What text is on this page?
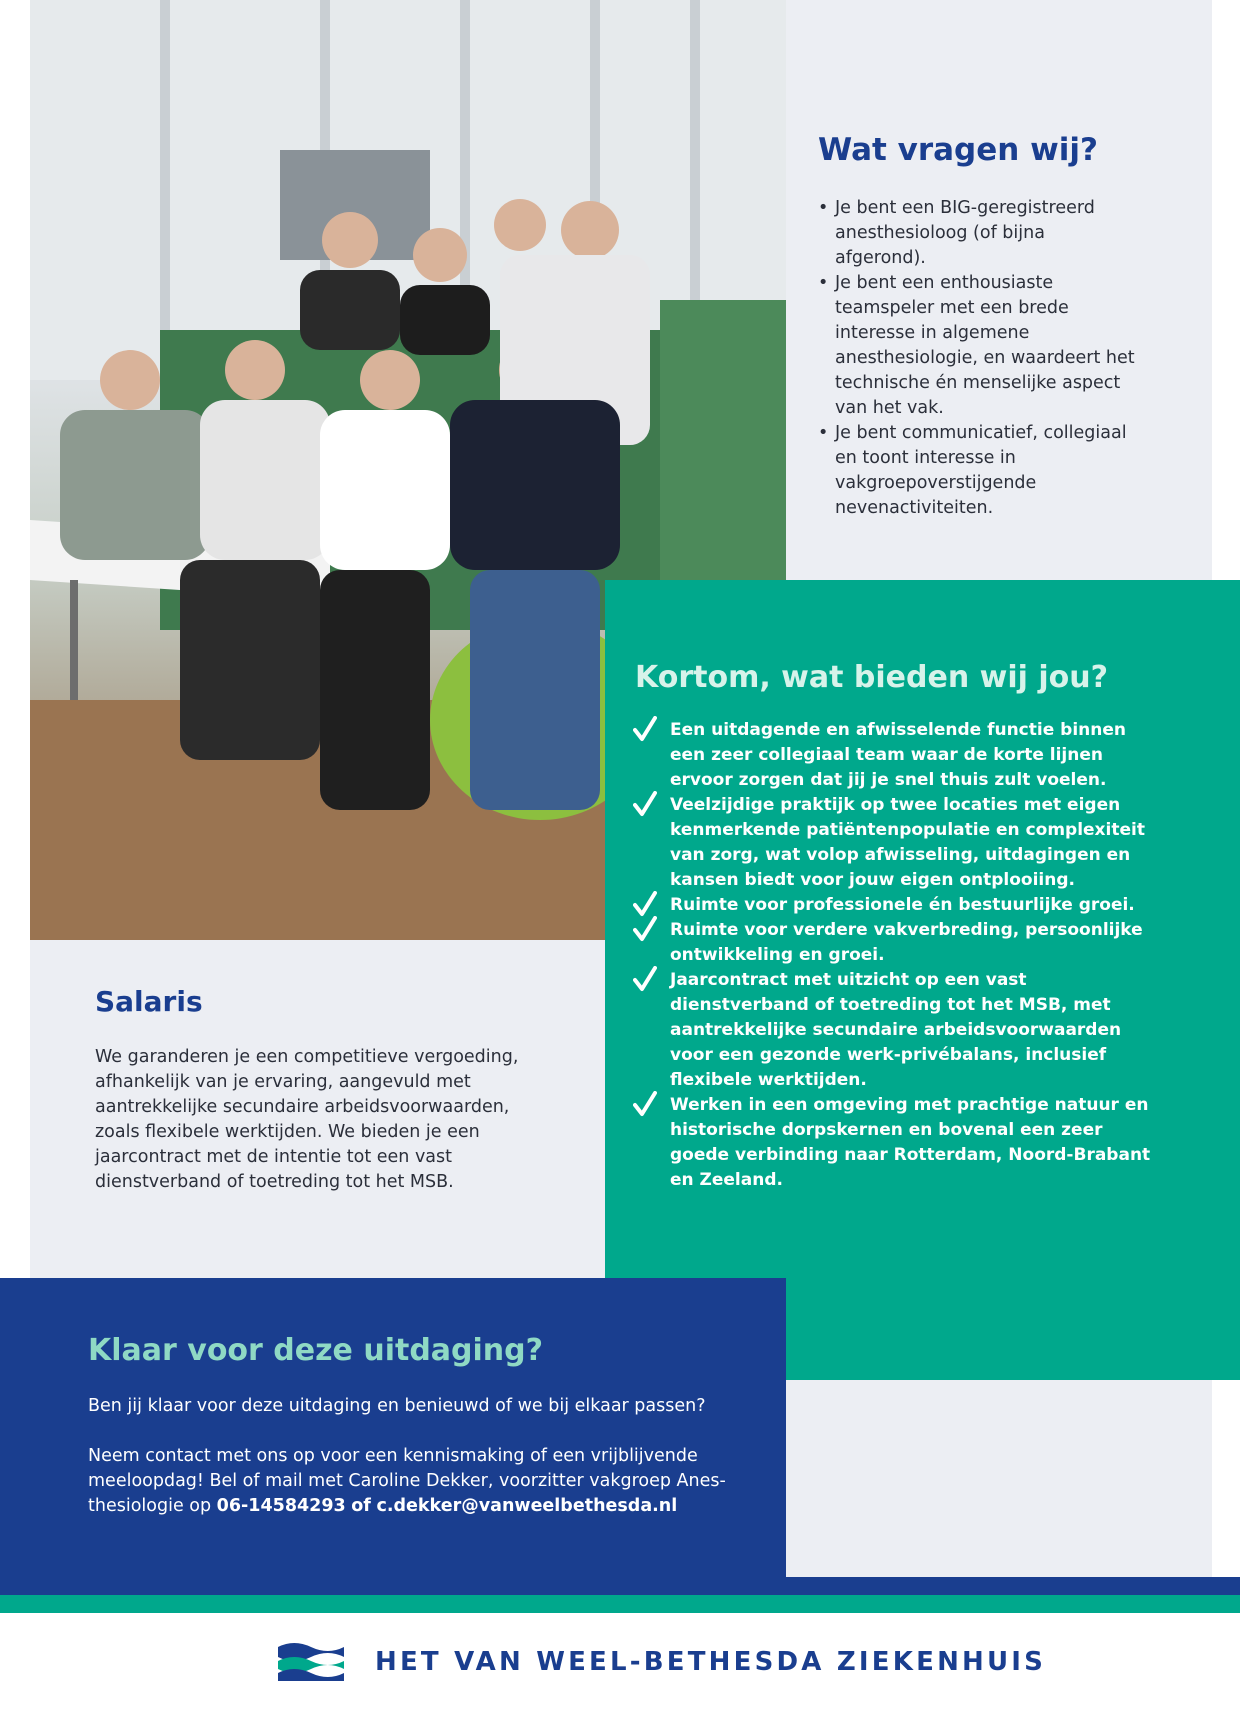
Wat vragen wij?
• Je bent een BIG-geregistreerd anesthesioloog (of bijna afgerond).
• Je bent een enthousiaste teamspeler met een brede interesse in algemene anesthesiologie, en waardeert het technische én menselijke aspect van het vak.
• Je bent communicatief, collegiaal en toont interesse in vakgroepoverstijgende nevenactiviteiten.
Salaris

We garanderen je een competitieve vergoeding, afhankelijk van je ervaring, aangevuld met aantrekkelijke secundaire arbeidsvoorwaarden, zoals flexibele werktijden. We bieden je een jaarcontract met de intentie tot een vast dienstverband of toetreding tot het MSB.

Kortom, wat bieden wij jou?
Een uitdagende en afwisselende functie binnen een zeer collegiaal team waar de korte lijnen ervoor zorgen dat jij je snel thuis zult voelen.
Veelzijdige praktijk op twee locaties met eigen kenmerkende patiëntenpopulatie en complexiteit van zorg, wat volop afwisseling, uitdagingen en kansen biedt voor jouw eigen ontplooiing.
Ruimte voor professionele én bestuurlijke groei.
Ruimte voor verdere vakverbreding, persoonlijke ontwikkeling en groei.
Jaarcontract met uitzicht op een vast dienstverband of toetreding tot het MSB, met aantrekkelijke secundaire arbeidsvoorwaarden voor een gezonde werk-privébalans, inclusief flexibele werktijden.
Werken in een omgeving met prachtige natuur en historische dorpskernen en bovenal een zeer goede verbinding naar Rotterdam, Noord-Brabant en Zeeland.
Klaar voor deze uitdaging?

Ben jij klaar voor deze uitdaging en benieuwd of we bij elkaar passen?

Neem contact met ons op voor een kennismaking of een vrijblijvende meeloopdag! Bel of mail met Caroline Dekker, voorzitter vakgroep Anes-thesiologie op 06-14584293 of c.dekker@vanweelbethesda.nl

HET VAN WEEL-BETHESDA ZIEKENHUIS
